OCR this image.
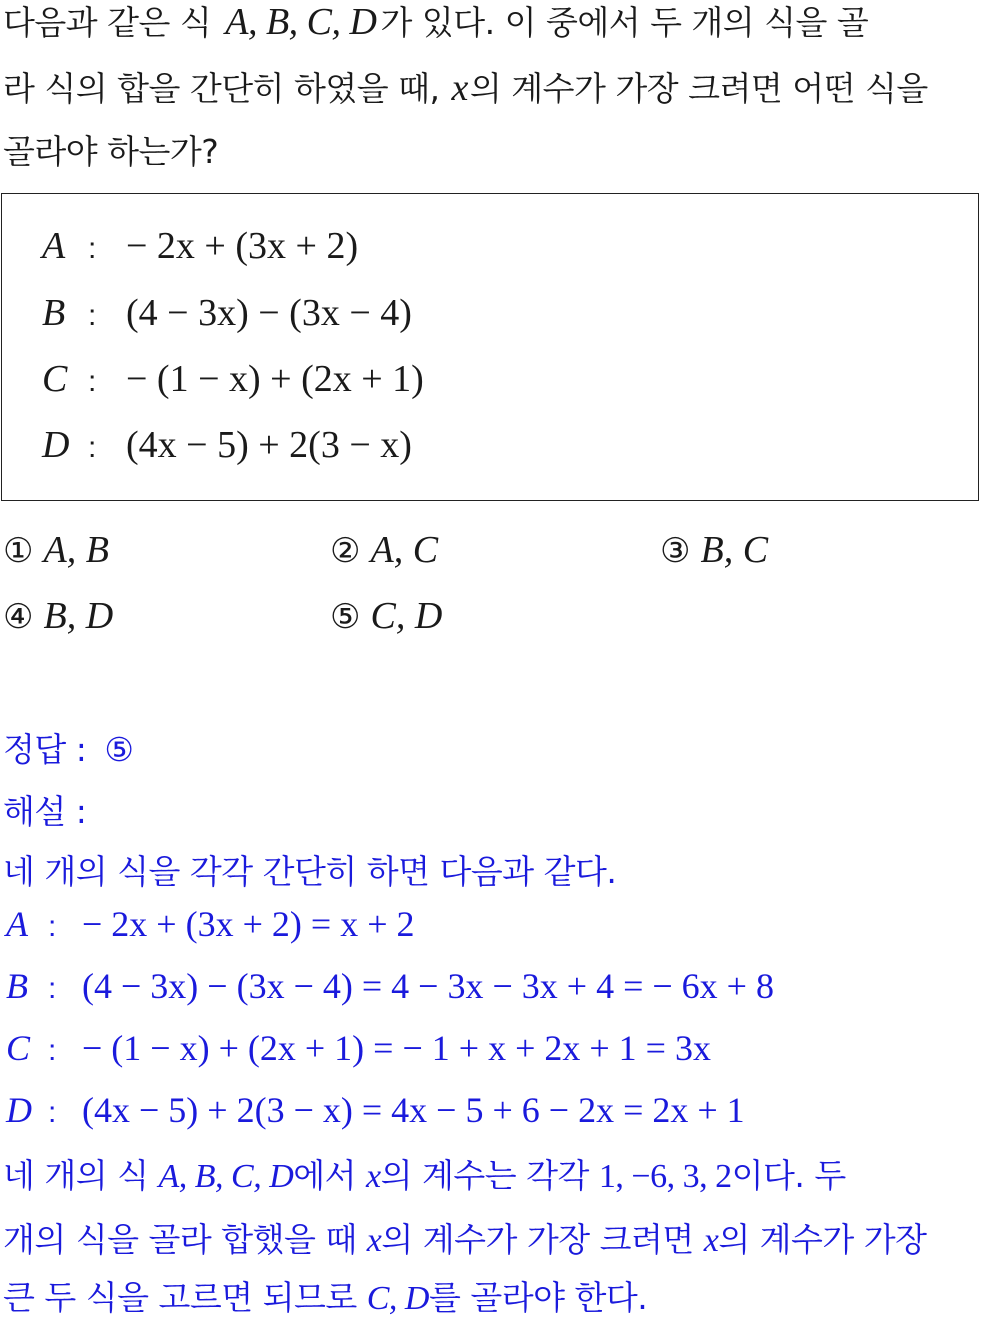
다음과 같은 식 A, B, C, D 가 있다. 이 중에서 두 개의 식을 골
라 식의 합을 간단히 하였을 때, x의 계수가 가장 크려면 어떤 식을
골라야 하는가?
A : − 2x + (3x + 2)
B : (4 − 3x) − (3x − 4)
C : − (1 − x) + (2x + 1)
D : (4x − 5) + 2(3 − x)
① A, B	② A, C	③ B, C
④ B, D	⑤ C, D
정답 : ⑤
해설 :
네 개의 식을 각각 간단히 하면 다음과 같다.
A : − 2x + (3x + 2) = x + 2
B : (4 − 3x) − (3x − 4) = 4 − 3x − 3x + 4 = − 6x + 8
C : − (1 − x) + (2x + 1) = − 1 + x + 2x + 1 = 3x
D : (4x − 5) + 2(3 − x) = 4x − 5 + 6 − 2x = 2x + 1
네 개의 식 A, B, C, D에서 x의 계수는 각각 1, −6, 3, 2이다. 두
개의 식을 골라 합했을 때 x의 계수가 가장 크려면 x의 계수가 가장
큰 두 식을 고르면 되므로 C, D를 골라야 한다.
